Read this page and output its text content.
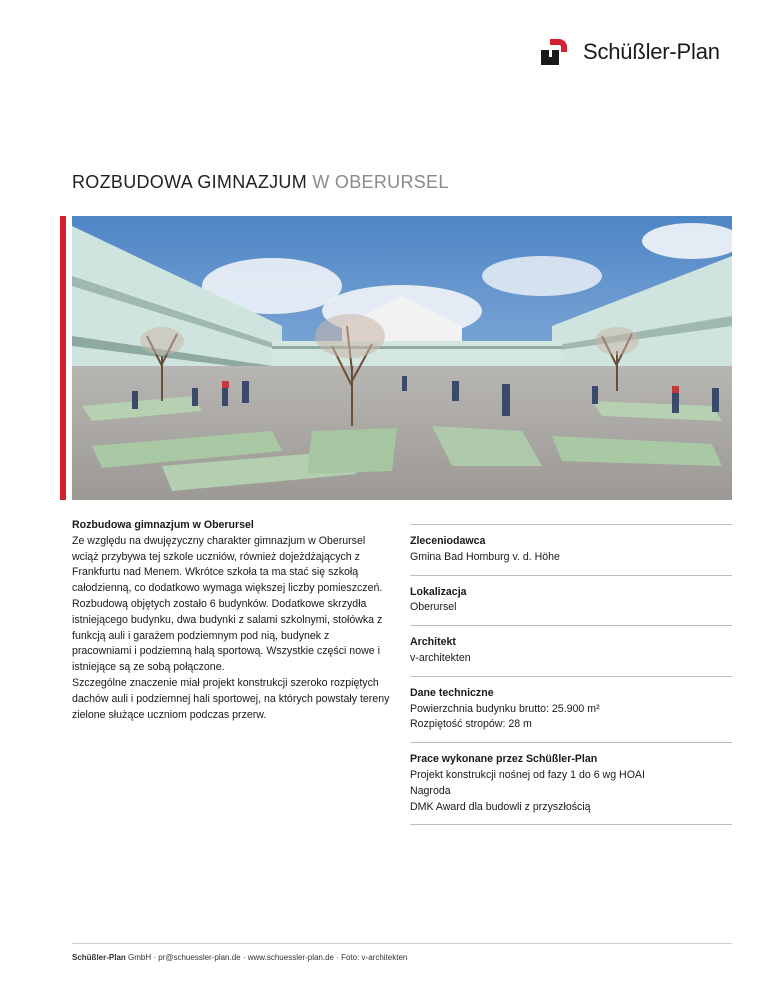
Schüßler-Plan
ROZBUDOWA GIMNAZJUM W OBERURSEL
Rozbudowa gimnazjum w Oberursel

Ze względu na dwujęzyczny charakter gimnazjum w Oberursel wciąż przybywa tej szkole uczniów, również dojeżdżających z Frankfurtu nad Menem. Wkrótce szkoła ta ma stać się szkołą całodzienną, co dodatkowo wymaga większej liczby pomieszczeń. Rozbudową objętych zostało 6 budynków. Dodatkowe skrzydła istniejącego budynku, dwa budynki z salami szkolnymi, stołówka z funkcją auli i garażem podziemnym pod nią, budynek z pracowniami i podziemną halą sportową. Wszystkie części nowe i istniejące są ze sobą połączone.

Szczególne znaczenie miał projekt konstrukcji szeroko rozpiętych dachów auli i podziemnej hali sportowej, na których powstały tereny zielone służące uczniom podczas przerw.

Zleceniodawca
Gmina Bad Homburg v. d. Höhe
Lokalizacja
Oberursel
Architekt
v-architekten
Dane techniczne
Powierzchnia budynku brutto: 25.900 m²
Rozpiętość stropów: 28 m
Prace wykonane przez Schüßler-Plan
Projekt konstrukcji nośnej od fazy 1 do 6 wg HOAI
Nagroda
DMK Award dla budowli z przyszłością
Schüßler-Plan GmbH · pr@schuessler-plan.de · www.schuessler-plan.de · Foto: v-architekten
